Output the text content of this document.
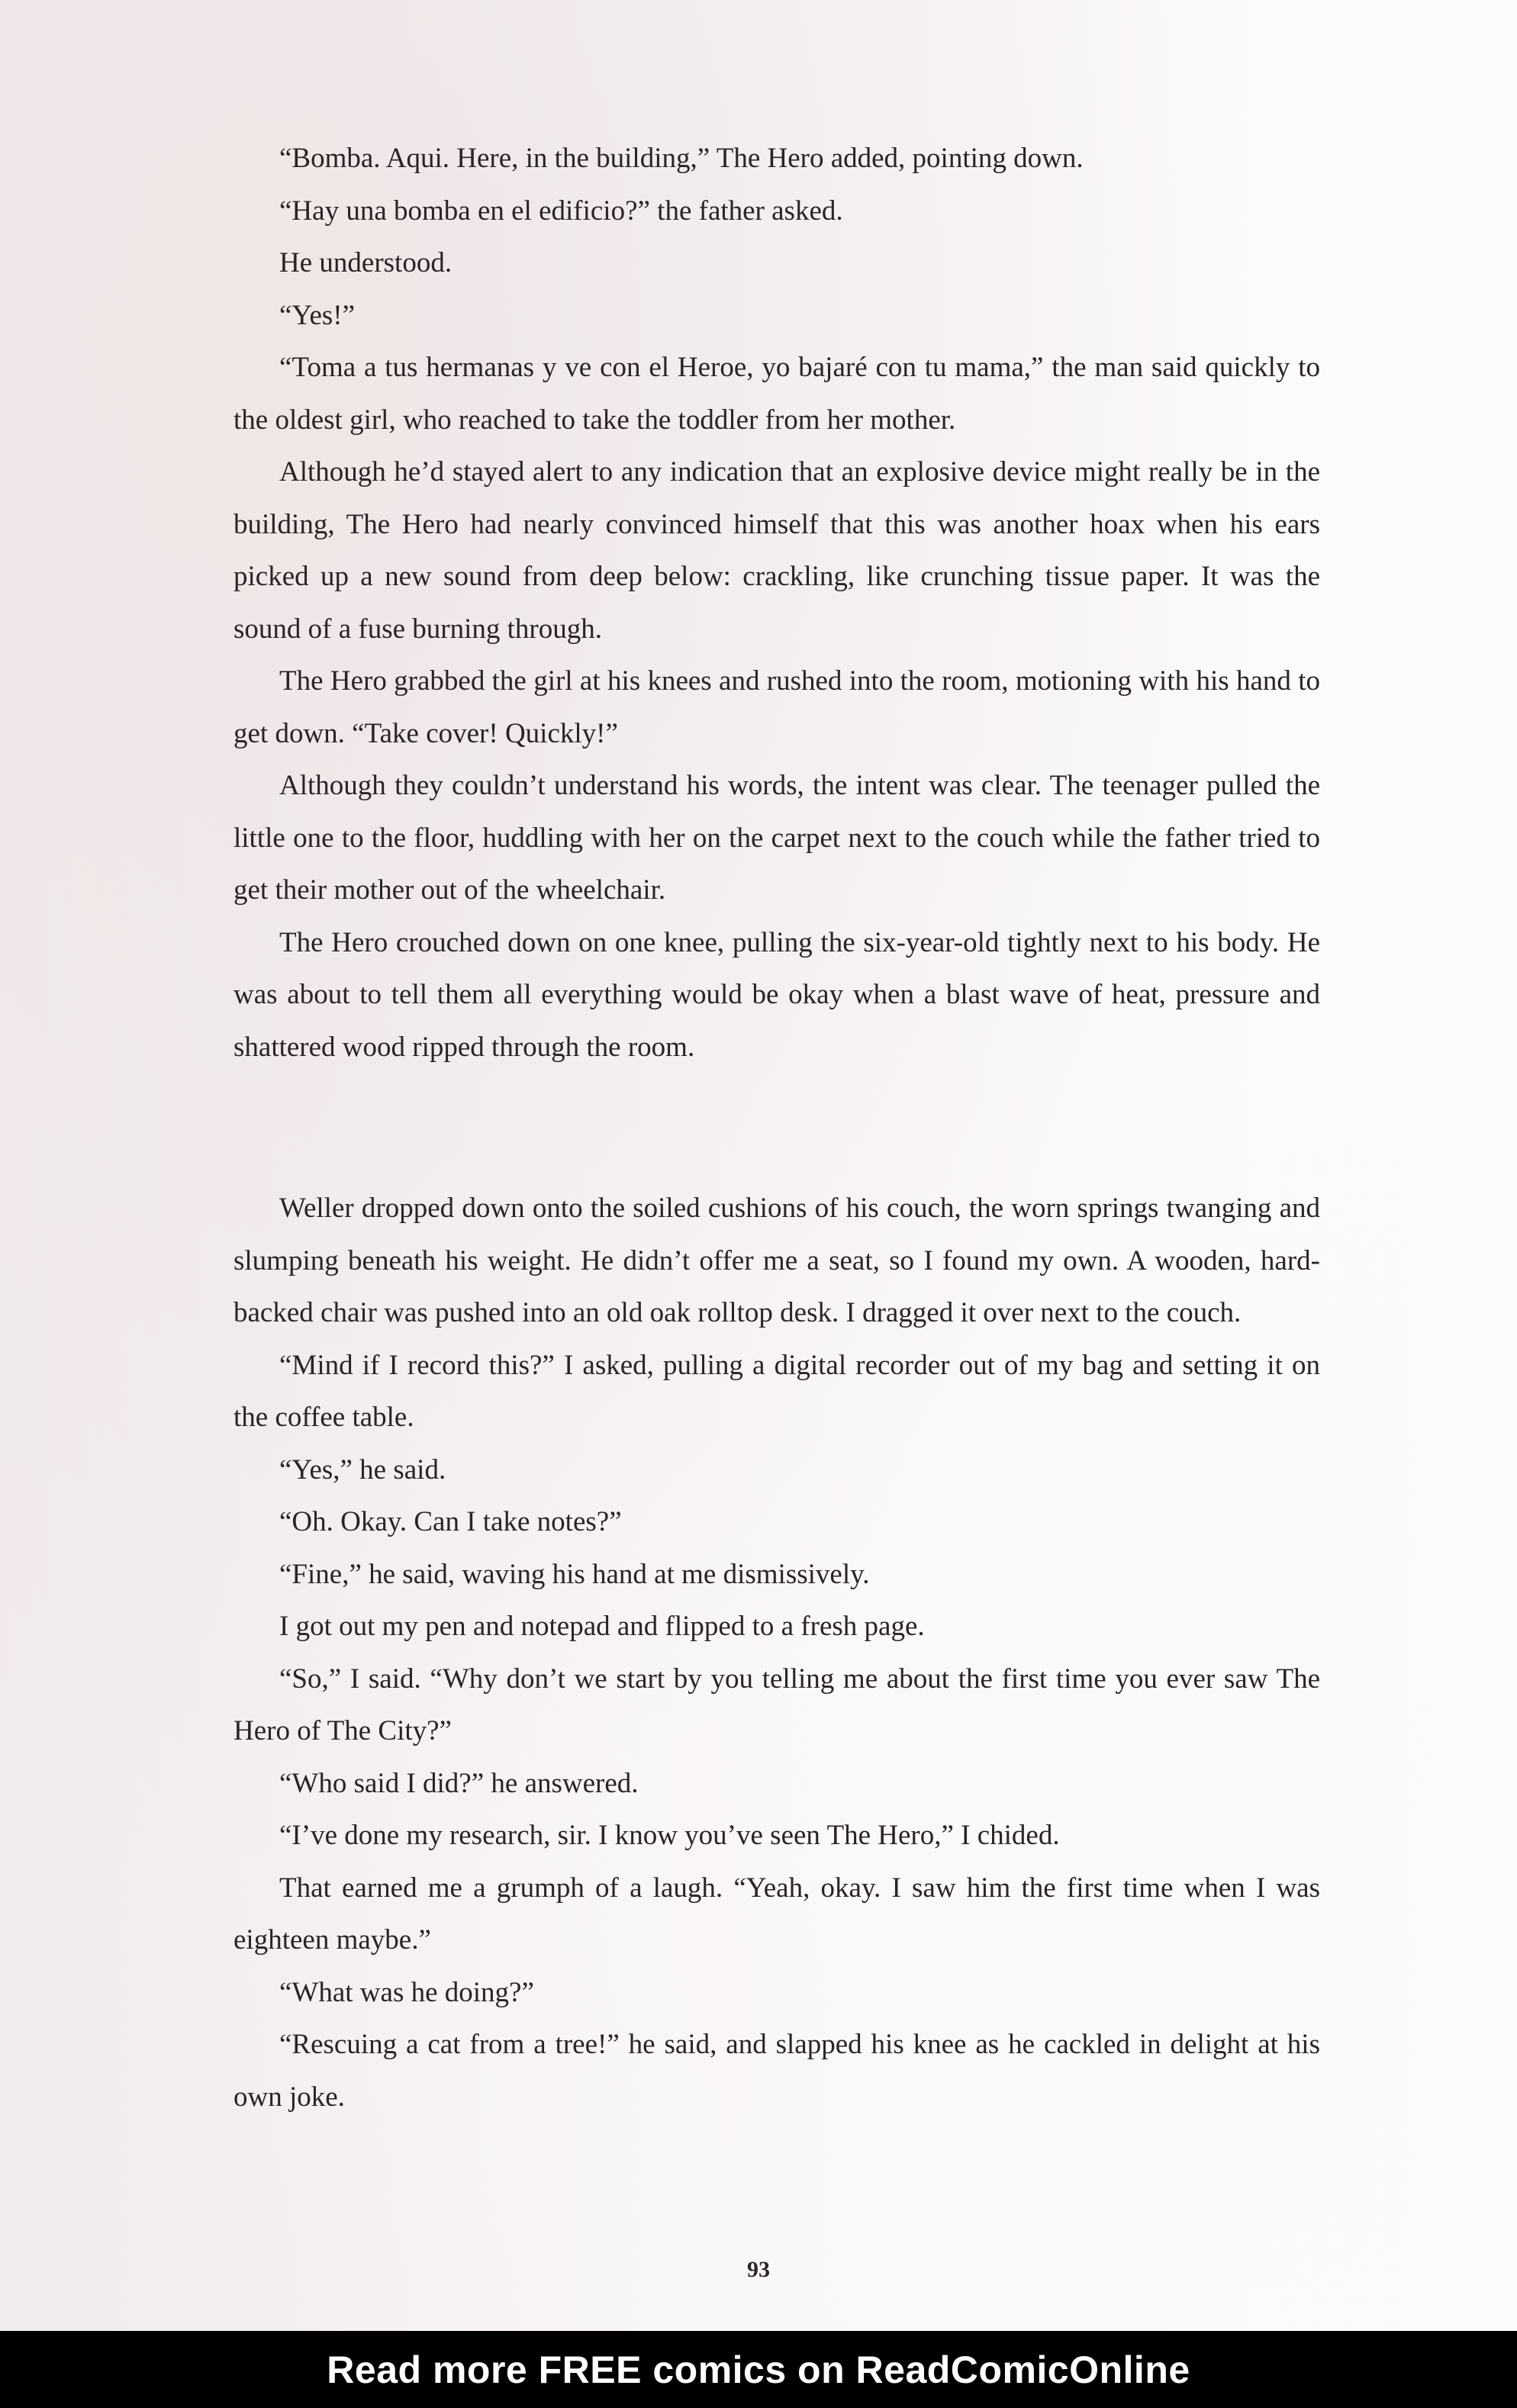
“Bomba. Aqui. Here, in the building,” The Hero added, pointing down.

“Hay una bomba en el edificio?” the father asked.

He understood.

“Yes!”

“Toma a tus hermanas y ve con el Heroe, yo bajaré con tu mama,” the man said quickly to the oldest girl, who reached to take the toddler from her mother.

Although he’d stayed alert to any indication that an explosive device might really be in the building, The Hero had nearly convinced himself that this was another hoax when his ears picked up a new sound from deep below: crackling, like crunching tissue paper. It was the sound of a fuse burning through.

The Hero grabbed the girl at his knees and rushed into the room, motioning with his hand to get down. “Take cover! Quickly!”

Although they couldn’t understand his words, the intent was clear. The teenager pulled the little one to the floor, huddling with her on the carpet next to the couch while the father tried to get their mother out of the wheelchair.

The Hero crouched down on one knee, pulling the six-year-old tightly next to his body. He was about to tell them all everything would be okay when a blast wave of heat, pressure and shattered wood ripped through the room.

Weller dropped down onto the soiled cushions of his couch, the worn springs twanging and slumping beneath his weight. He didn’t offer me a seat, so I found my own. A wooden, hard-backed chair was pushed into an old oak rolltop desk. I dragged it over next to the couch.

“Mind if I record this?” I asked, pulling a digital recorder out of my bag and setting it on the coffee table.

“Yes,” he said.

“Oh. Okay. Can I take notes?”

“Fine,” he said, waving his hand at me dismissively.

I got out my pen and notepad and flipped to a fresh page.

“So,” I said. “Why don’t we start by you telling me about the first time you ever saw The Hero of The City?”

“Who said I did?” he answered.

“I’ve done my research, sir. I know you’ve seen The Hero,” I chided.

That earned me a grumph of a laugh. “Yeah, okay. I saw him the first time when I was eighteen maybe.”

“What was he doing?”

“Rescuing a cat from a tree!” he said, and slapped his knee as he cackled in delight at his own joke.

93
Read more FREE comics on ReadComicOnline
